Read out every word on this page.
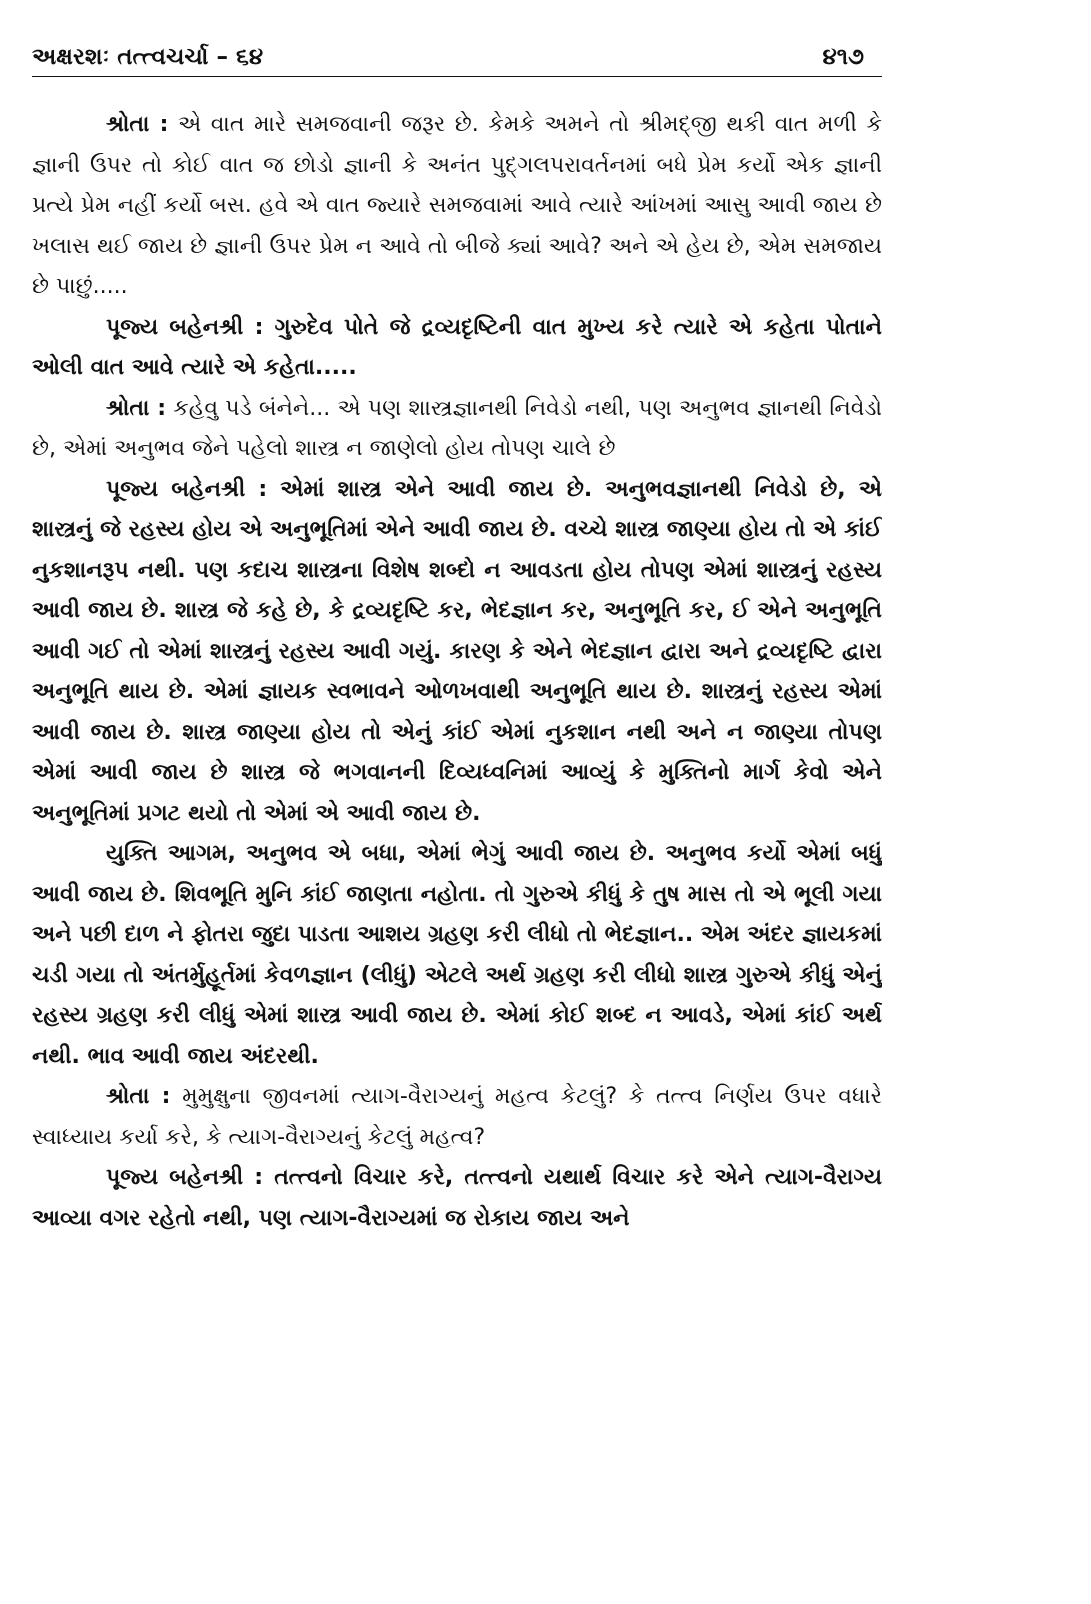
અક્ષરશઃ તત્ત્વચર્ચા – ૬૪	૪૧૭

શ્રોતા : એ વાત મારે સમજવાની જરૂર છે. કેમકે અમને તો શ્રીમદ્જી થકી વાત મળી કે જ્ઞાની ઉપર તો કોઈ વાત જ છોડો જ્ઞાની કે અનંત પુદ્ગલપરાવર્તનમાં બધે પ્રેમ કર્યો એક જ્ઞાની પ્રત્યે પ્રેમ નહીં કર્યો બસ. હવે એ વાત જ્યારે સમજવામાં આવે ત્યારે આંખમાં આસુ આવી જાય છે ખલાસ થઈ જાય છે જ્ઞાની ઉપર પ્રેમ ન આવે તો બીજે ક્યાં આવે? અને એ હેય છે, એમ સમજાય છે પાછું.....

પૂજ્ય બહેનશ્રી : ગુરુદેવ પોતે જે દ્રવ્યદૃષ્ટિની વાત મુખ્ય કરે ત્યારે એ કહેતા પોતાને ઓલી વાત આવે ત્યારે એ કહેતા.....

શ્રોતા : કહેવુ પડે બંનેને... એ પણ શાસ્ત્રજ્ઞાનથી નિવેડો નથી, પણ અનુભવ જ્ઞાનથી નિવેડો છે, એમાં અનુભવ જેને પહેલો શાસ્ત્ર ન જાણેલો હોય તોપણ ચાલે છે

પૂજ્ય બહેનશ્રી : એમાં શાસ્ત્ર એને આવી જાય છે. અનુભવજ્ઞાનથી નિવેડો છે, એ શાસ્ત્રનું જે રહસ્ય હોય એ અનુભૂતિમાં એને આવી જાય છે. વચ્ચે શાસ્ત્ર જાણ્યા હોય તો એ કાંઈ નુકશાનરૂપ નથી. પણ કદાચ શાસ્ત્રના વિશેષ શબ્દો ન આવડતા હોય તોપણ એમાં શાસ્ત્રનું રહસ્ય આવી જાય છે. શાસ્ત્ર જે કહે છે, કે દ્રવ્યદૃષ્ટિ કર, ભેદજ્ઞાન કર, અનુભૂતિ કર, ઈ એને અનુભૂતિ આવી ગઈ તો એમાં શાસ્ત્રનું રહસ્ય આવી ગયું. કારણ કે એને ભેદજ્ઞાન દ્વારા અને દ્રવ્યદૃષ્ટિ દ્વારા અનુભૂતિ થાય છે. એમાં જ્ઞાયક સ્વભાવને ઓળખવાથી અનુભૂતિ થાય છે. શાસ્ત્રનું રહસ્ય એમાં આવી જાય છે. શાસ્ત્ર જાણ્યા હોય તો એનું કાંઈ એમાં નુકશાન નથી અને ન જાણ્યા તોપણ એમાં આવી જાય છે શાસ્ત્ર જે ભગવાનની દિવ્યધ્વનિમાં આવ્યું કે મુક્તિનો માર્ગ કેવો એને અનુભૂતિમાં પ્રગટ થયો તો એમાં એ આવી જાય છે.

યુક્તિ આગમ, અનુભવ એ બધા, એમાં ભેગું આવી જાય છે. અનુભવ કર્યો એમાં બધું આવી જાય છે. શિવભૂતિ મુનિ કાંઈ જાણતા નહોતા. તો ગુરુએ કીધું કે તુષ માસ તો એ ભૂલી ગયા અને પછી દાળ ને ફોતરા જુદા પાડતા આશય ગ્રહણ કરી લીધો તો ભેદજ્ઞાન.. એમ અંદર જ્ઞાયકમાં ચડી ગયા તો અંતર્મુહૂર્તમાં કેવળજ્ઞાન (લીધું) એટલે અર્થ ગ્રહણ કરી લીધો શાસ્ત્ર ગુરુએ કીધું એનું રહસ્ય ગ્રહણ કરી લીધું એમાં શાસ્ત્ર આવી જાય છે. એમાં કોઈ શબ્દ ન આવડે, એમાં કાંઈ અર્થ નથી. ભાવ આવી જાય અંદરથી.

શ્રોતા : મુમુક્ષુના જીવનમાં ત્યાગ-વૈરાગ્યનું મહત્વ કેટલું? કે તત્ત્વ નિર્ણય ઉપર વધારે સ્વાધ્યાય કર્યા કરે, કે ત્યાગ-વૈરાગ્યનું કેટલું મહત્વ?

પૂજ્ય બહેનશ્રી : તત્ત્વનો વિચાર કરે, તત્ત્વનો યથાર્થ વિચાર કરે એને ત્યાગ-વૈરાગ્ય આવ્યા વગર રહેતો નથી, પણ ત્યાગ-વૈરાગ્યમાં જ રોકાય જાય અને
